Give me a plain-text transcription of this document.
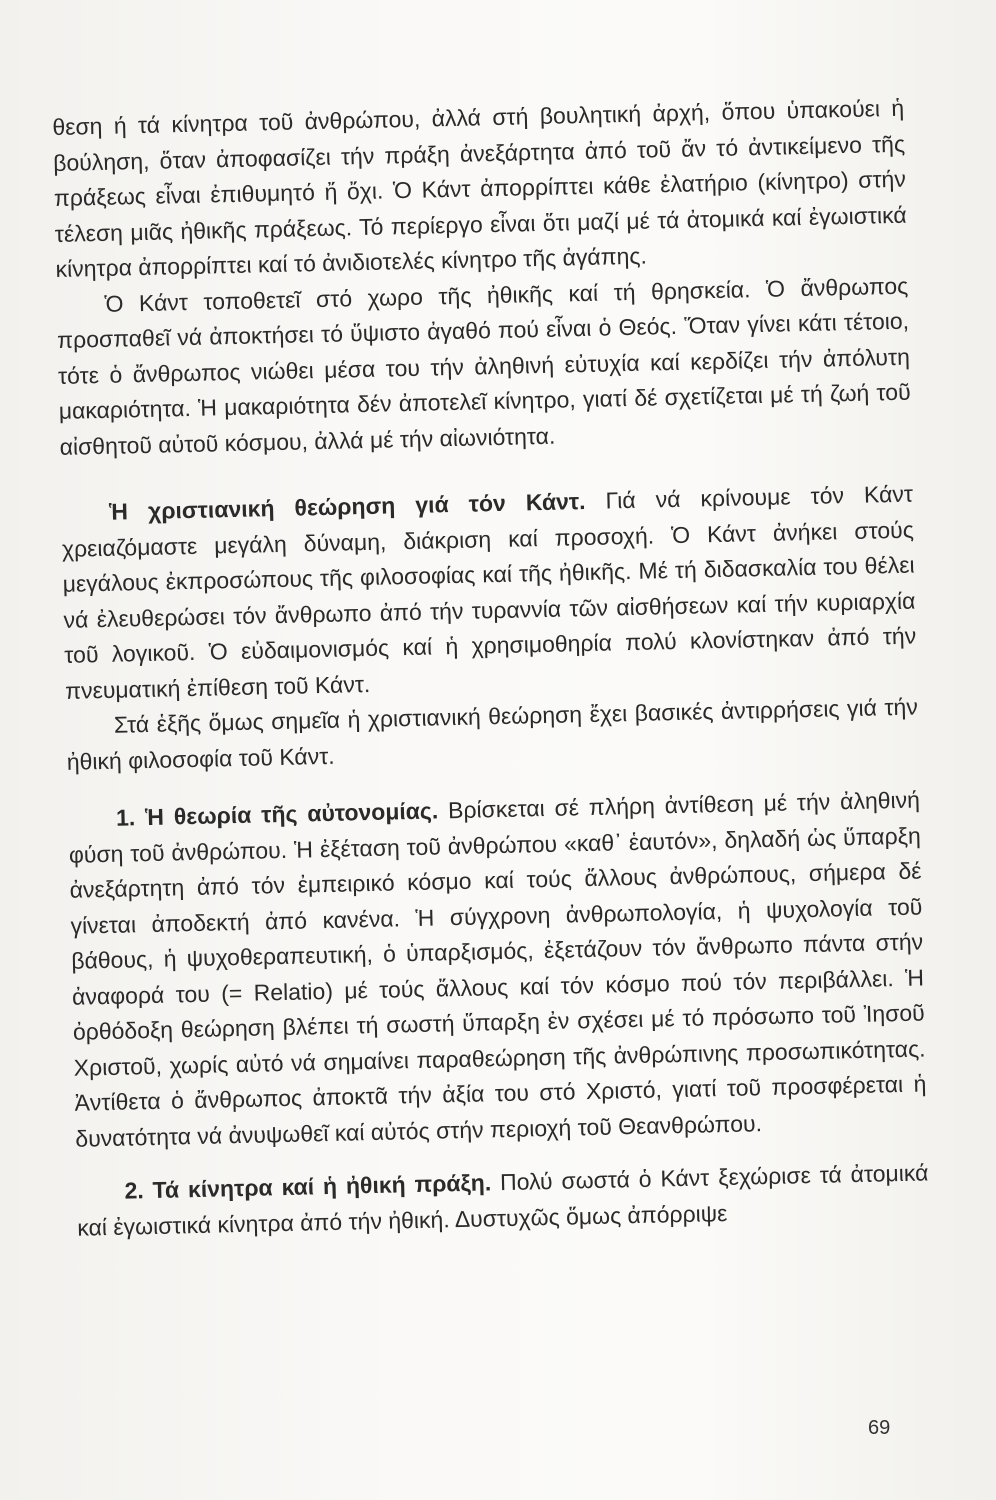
θεση ή τά κίνητρα τοῦ ἀνθρώπου, ἀλλά στή βουλητική ἀρχή, ὅπου ὑπακούει ἡ βούληση, ὅταν ἀποφασίζει τήν πράξη ἀνεξάρτητα ἀπό τοῦ ἄν τό ἀντικείμενο τῆς πράξεως εἶναι ἐπιθυμητό ἤ ὄχι. Ὁ Κάντ ἀπορρίπτει κάθε ἐλατήριο (κίνητρο) στήν τέλεση μιᾶς ἠθικῆς πράξεως. Τό περίεργο εἶναι ὅτι μαζί μέ τά ἀτομικά καί ἐγωιστικά κίνητρα ἀπορρίπτει καί τό ἀνιδιοτελές κίνητρο τῆς ἀγάπης.

Ὁ Κάντ τοποθετεῖ στό χωρο τῆς ἠθικῆς καί τή θρησκεία. Ὁ ἄνθρωπος προσπαθεῖ νά ἀποκτήσει τό ὕψιστο ἀγαθό πού εἶναι ὁ Θεός. Ὅταν γίνει κάτι τέτοιο, τότε ὁ ἄνθρωπος νιώθει μέσα του τήν ἀληθινή εὐτυχία καί κερδίζει τήν ἀπόλυτη μακαριότητα. Ἡ μακαριότητα δέν ἀποτελεῖ κίνητρο, γιατί δέ σχετίζεται μέ τή ζωή τοῦ αἰσθητοῦ αὐτοῦ κόσμου, ἀλλά μέ τήν αἰωνιότητα.

Ἡ χριστιανική θεώρηση γιά τόν Κάντ. Γιά νά κρίνουμε τόν Κάντ χρειαζόμαστε μεγάλη δύναμη, διάκριση καί προσοχή. Ὁ Κάντ ἀνήκει στούς μεγάλους ἐκπροσώπους τῆς φιλοσοφίας καί τῆς ἠθικῆς. Μέ τή διδασκαλία του θέλει νά ἐλευθερώσει τόν ἄνθρωπο ἀπό τήν τυραννία τῶν αἰσθήσεων καί τήν κυριαρχία τοῦ λογικοῦ. Ὁ εὐδαιμονισμός καί ἡ χρησιμοθηρία πολύ κλονίστηκαν ἀπό τήν πνευματική ἐπίθεση τοῦ Κάντ.

Στά ἑξῆς ὅμως σημεῖα ἡ χριστιανική θεώρηση ἔχει βασικές ἀντιρρήσεις γιά τήν ἠθική φιλοσοφία τοῦ Κάντ.

1. Ἡ θεωρία τῆς αὐτονομίας. Βρίσκεται σέ πλήρη ἀντίθεση μέ τήν ἀληθινή φύση τοῦ ἀνθρώπου. Ἡ ἐξέταση τοῦ ἀνθρώπου «καθ᾽ ἑαυτόν», δηλαδή ὡς ὕπαρξη ἀνεξάρτητη ἀπό τόν ἐμπειρικό κόσμο καί τούς ἄλλους ἀνθρώπους, σήμερα δέ γίνεται ἀποδεκτή ἀπό κανένα. Ἡ σύγχρονη ἀνθρωπολογία, ἡ ψυχολογία τοῦ βάθους, ἡ ψυχοθεραπευτική, ὁ ὑπαρξισμός, ἐξετάζουν τόν ἄνθρωπο πάντα στήν ἀναφορά του (= Relatio) μέ τούς ἄλλους καί τόν κόσμο πού τόν περιβάλλει. Ἡ ὀρθόδοξη θεώρηση βλέπει τή σωστή ὕπαρξη ἐν σχέσει μέ τό πρόσωπο τοῦ Ἰησοῦ Χριστοῦ, χωρίς αὐτό νά σημαίνει παραθεώρηση τῆς ἀνθρώπινης προσωπικότητας. Ἀντίθετα ὁ ἄνθρωπος ἀποκτᾶ τήν ἀξία του στό Χριστό, γιατί τοῦ προσφέρεται ἡ δυνατότητα νά ἀνυψωθεῖ καί αὐτός στήν περιοχή τοῦ Θεανθρώπου.

2. Τά κίνητρα καί ἡ ἠθική πράξη. Πολύ σωστά ὁ Κάντ ξεχώρισε τά ἀτομικά καί ἐγωιστικά κίνητρα ἀπό τήν ἠθική. Δυστυχῶς ὅμως ἀπόρριψε

69
